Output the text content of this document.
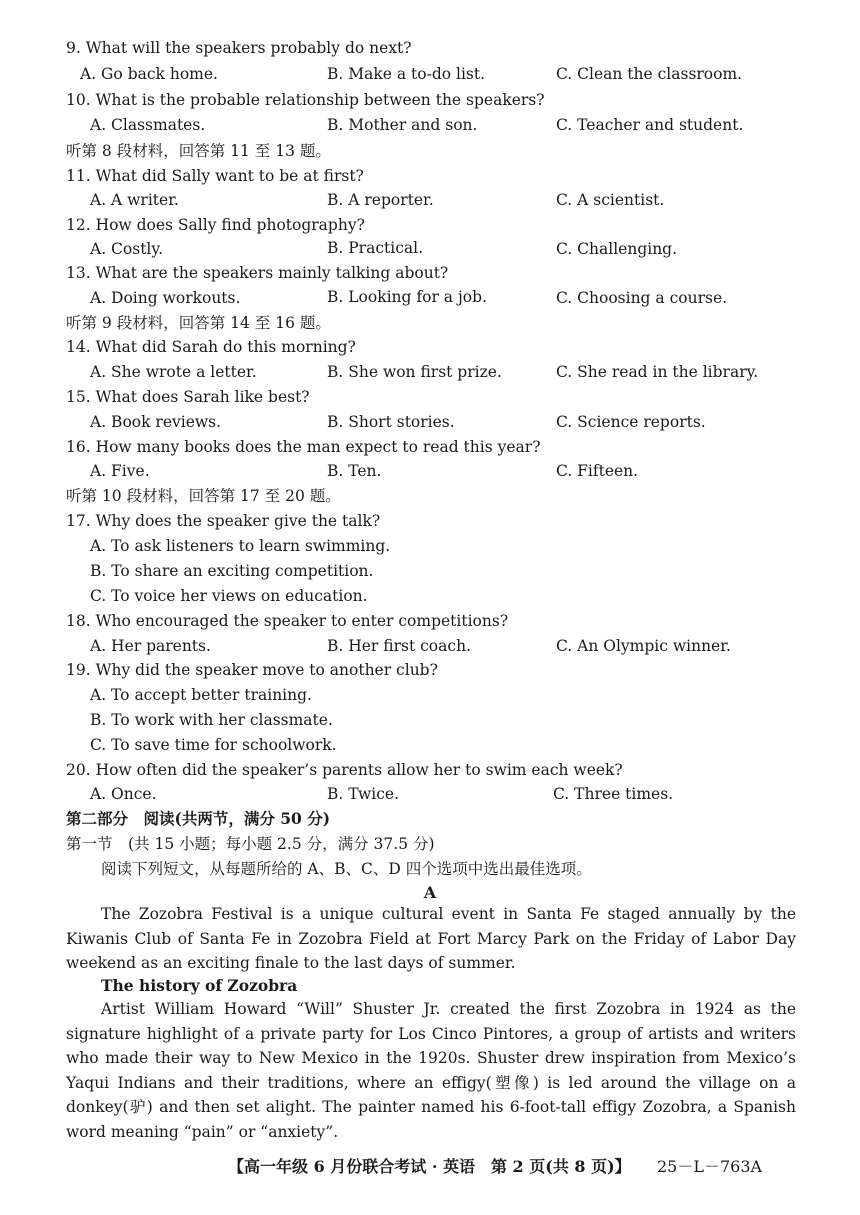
9. What will the speakers probably do next?
A. Go back home.	B. Make a to-do list.	C. Clean the classroom.
10. What is the probable relationship between the speakers?
A. Classmates.	B. Mother and son.	C. Teacher and student.
听第 8 段材料，回答第 11 至 13 题。
11. What did Sally want to be at first?
A. A writer.	B. A reporter.	C. A scientist.
12. How does Sally find photography?
A. Costly.	B. Practical.	C. Challenging.
13. What are the speakers mainly talking about?
A. Doing workouts.	B. Looking for a job.	C. Choosing a course.
听第 9 段材料，回答第 14 至 16 题。
14. What did Sarah do this morning?
A. She wrote a letter.	B. She won first prize.	C. She read in the library.
15. What does Sarah like best?
A. Book reviews.	B. Short stories.	C. Science reports.
16. How many books does the man expect to read this year?
A. Five.	B. Ten.	C. Fifteen.
听第 10 段材料，回答第 17 至 20 题。
17. Why does the speaker give the talk?
A. To ask listeners to learn swimming.
B. To share an exciting competition.
C. To voice her views on education.
18. Who encouraged the speaker to enter competitions?
A. Her parents.	B. Her first coach.	C. An Olympic winner.
19. Why did the speaker move to another club?
A. To accept better training.
B. To work with her classmate.
C. To save time for schoolwork.
20. How often did the speaker’s parents allow her to swim each week?
A. Once.	B. Twice.	C. Three times.
第二部分　阅读(共两节，满分 50 分)
第一节　(共 15 小题；每小题 2.5 分，满分 37.5 分)
阅读下列短文，从每题所给的 A、B、C、D 四个选项中选出最佳选项。
A

The Zozobra Festival is a unique cultural event in Santa Fe staged annually by the Kiwanis Club of Santa Fe in Zozobra Field at Fort Marcy Park on the Friday of Labor Day weekend as an exciting finale to the last days of summer.

The history of Zozobra

Artist William Howard “Will” Shuster Jr. created the first Zozobra in 1924 as the signature highlight of a private party for Los Cinco Pintores, a group of artists and writers who made their way to New Mexico in the 1920s. Shuster drew inspiration from Mexico’s Yaqui Indians and their traditions, where an effigy(塑像) is led around the village on a donkey(驴) and then set alight. The painter named his 6-foot-tall effigy Zozobra, a Spanish word meaning “pain” or “anxiety”.

【高一年级 6 月份联合考试 · 英语　第 2 页(共 8 页)】 25－L－763A
